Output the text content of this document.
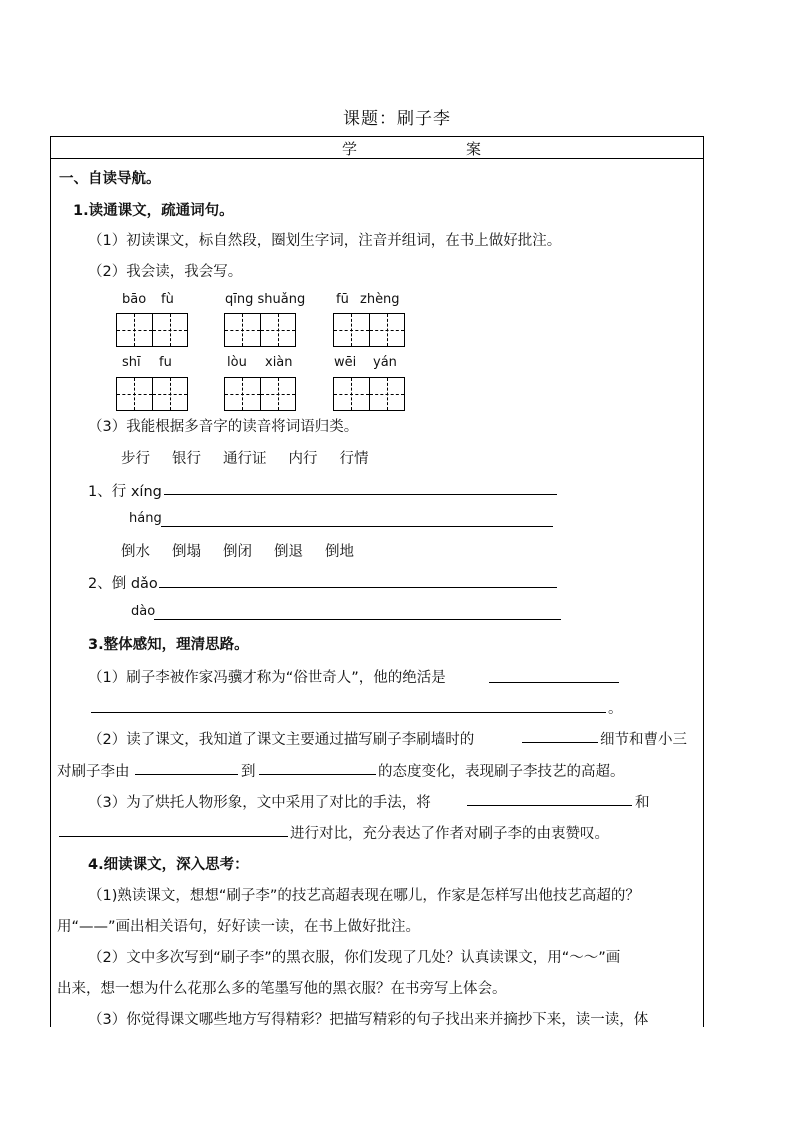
课题：刷子李
学	案
一、自读导航。
1.读通课文，疏通词句。
（1）初读课文，标自然段，圈划生字词，注音并组词，在书上做好批注。
（2）我会读，我会写。
bāo fù	qīng shuǎng fū zhèng
shī fu	lòu xiàn	wēi yán
（3）我能根据多音字的读音将词语归类。
步行 银行 通行证 内行 行情
1、行 xíng
háng
倒水 倒塌 倒闭 倒退 倒地
2、倒 dǎo
dào
3.整体感知，理清思路。
（1）刷子李被作家冯骥才称为“俗世奇人”，他的绝活是
。
（2）读了课文，我知道了课文主要通过描写刷子李刷墙时的	细节和曹小三
对刷子李由	到	的态度变化，表现刷子李技艺的高超。
（3）为了烘托人物形象，文中采用了对比的手法，将	和
进行对比，充分表达了作者对刷子李的由衷赞叹。
4.细读课文，深入思考：
（1)熟读课文，想想“刷子李”的技艺高超表现在哪儿，作家是怎样写出他技艺高超的？
用“——”画出相关语句，好好读一读，在书上做好批注。
（2）文中多次写到“刷子李”的黑衣服，你们发现了几处？认真读课文，用“～～”画
出来，想一想为什么花那么多的笔墨写他的黑衣服？在书旁写上体会。
（3）你觉得课文哪些地方写得精彩？把描写精彩的句子找出来并摘抄下来，读一读，体
